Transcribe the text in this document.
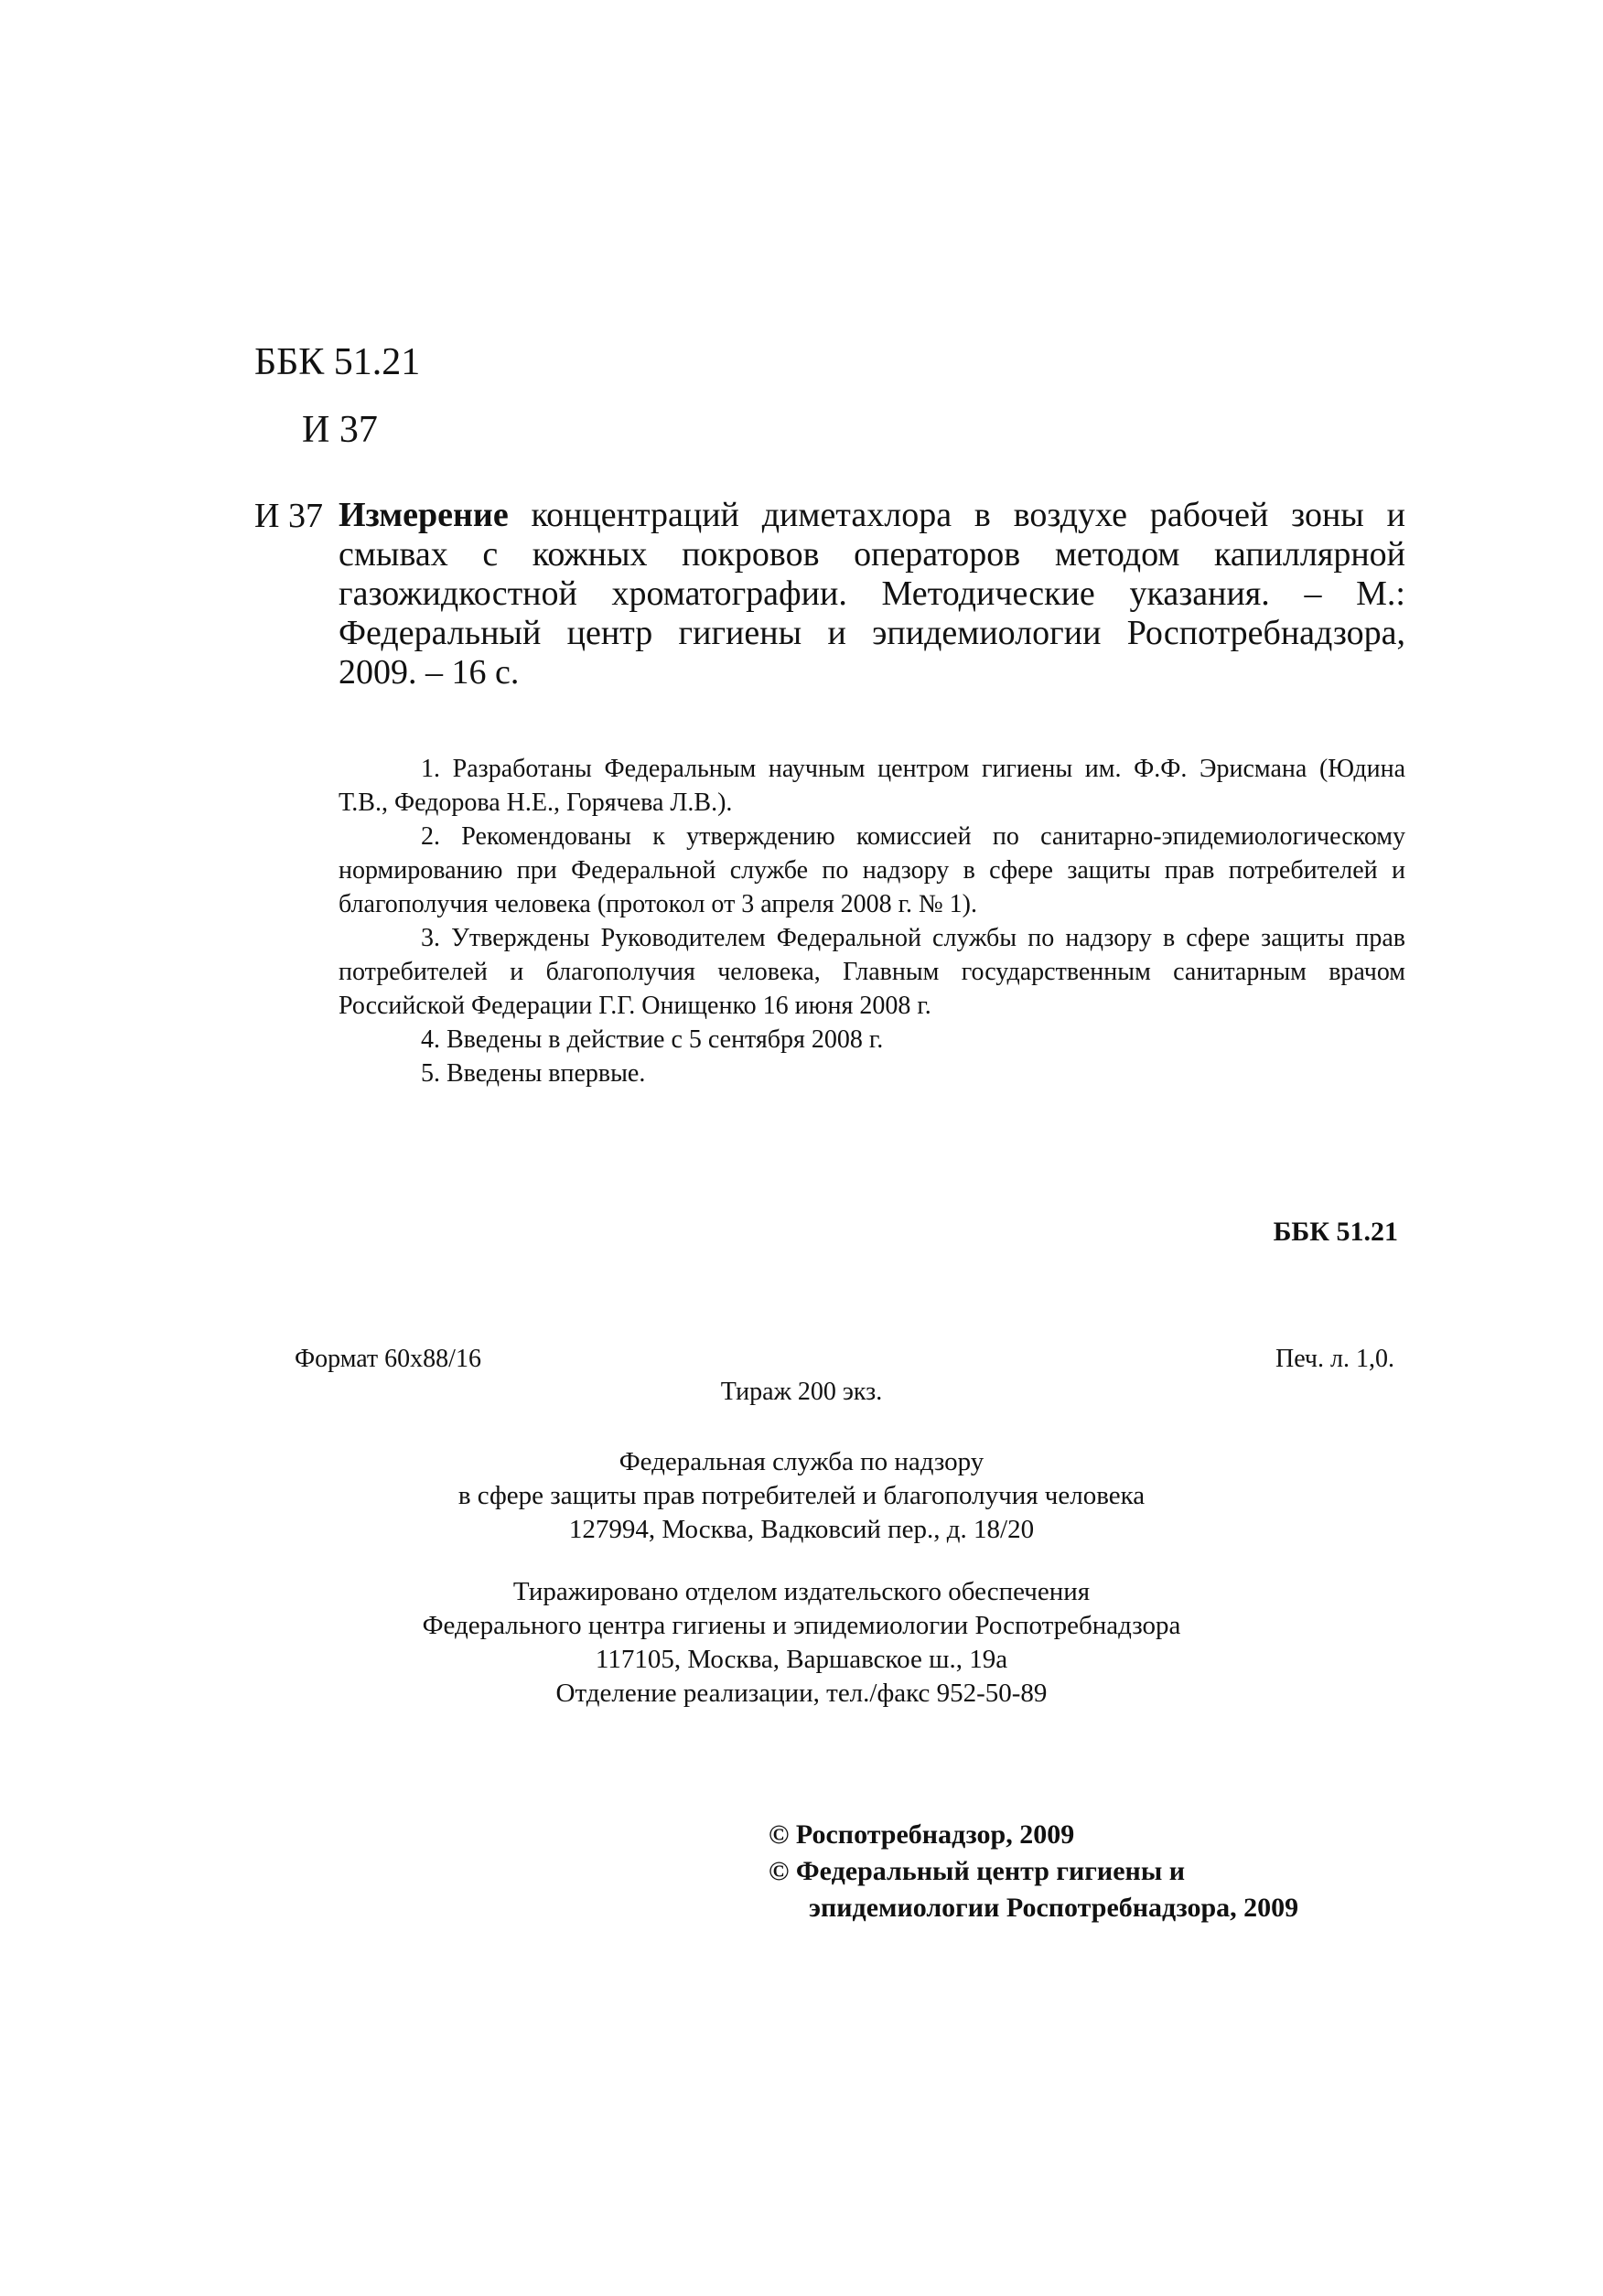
ББК 51.21
И 37
И 37 Измерение концентраций диметахлора в воздухе рабочей зоны и смывах с кожных покровов операторов методом капиллярной газожидкостной хроматографии. Методические указания. – М.: Федеральный центр гигиены и эпидемиологии Роспотребнадзора, 2009. – 16 с.

1. Разработаны Федеральным научным центром гигиены им. Ф.Ф. Эрисмана (Юдина Т.В., Федорова Н.Е., Горячева Л.В.).

2. Рекомендованы к утверждению комиссией по санитарно-эпидемиологическому нормированию при Федеральной службе по надзору в сфере защиты прав потребителей и благополучия человека (протокол от 3 апреля 2008 г. № 1).

3. Утверждены Руководителем Федеральной службы по надзору в сфере защиты прав потребителей и благополучия человека, Главным государственным санитарным врачом Российской Федерации Г.Г. Онищенко 16 июня 2008 г.

4. Введены в действие с 5 сентября 2008 г.

5. Введены впервые.

ББК 51.21
Формат 60x88/16	Печ. л. 1,0.
Тираж 200 экз.
Федеральная служба по надзору
в сфере защиты прав потребителей и благополучия человека
127994, Москва, Вадковсий пер., д. 18/20
Тиражировано отделом издательского обеспечения
Федерального центра гигиены и эпидемиологии Роспотребнадзора
117105, Москва, Варшавское ш., 19а
Отделение реализации, тел./факс 952-50-89
© Роспотребнадзор, 2009
© Федеральный центр гигиены и
эпидемиологии Роспотребнадзора, 2009
